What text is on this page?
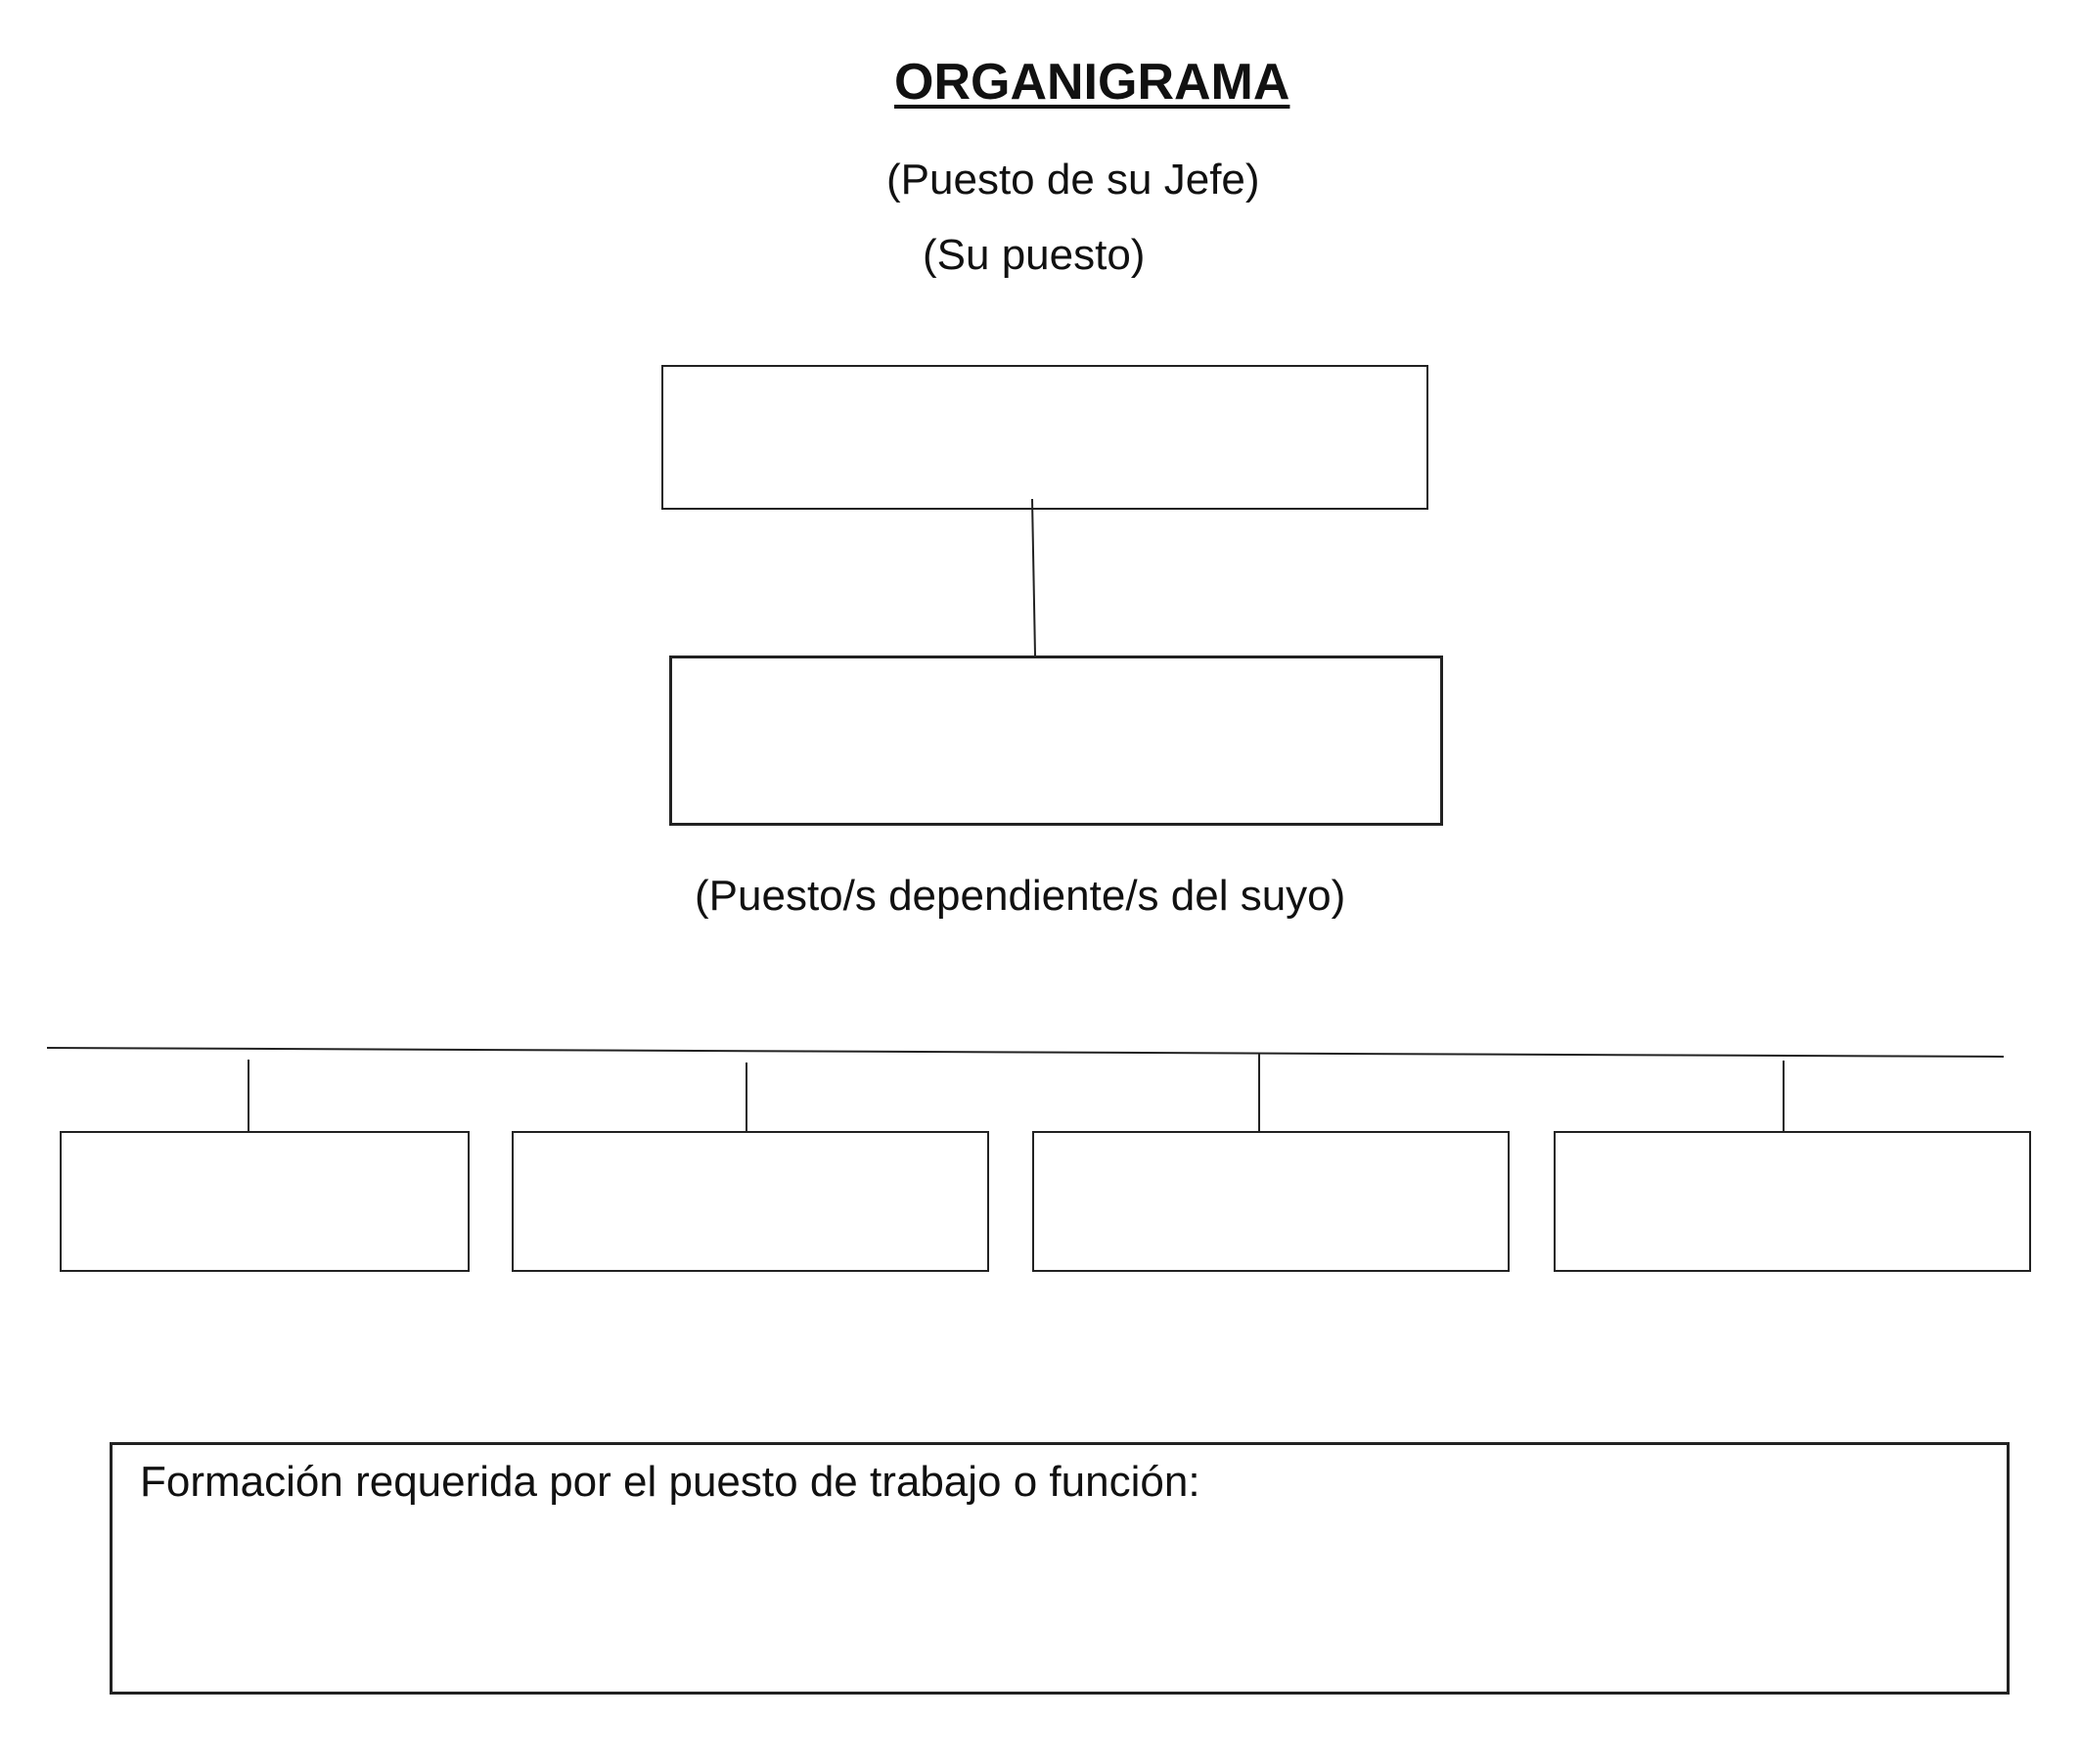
ORGANIGRAMA
(Puesto de su Jefe)
(Su puesto)
(Puesto/s dependiente/s del suyo)
Formación requerida por el puesto de trabajo o función:
